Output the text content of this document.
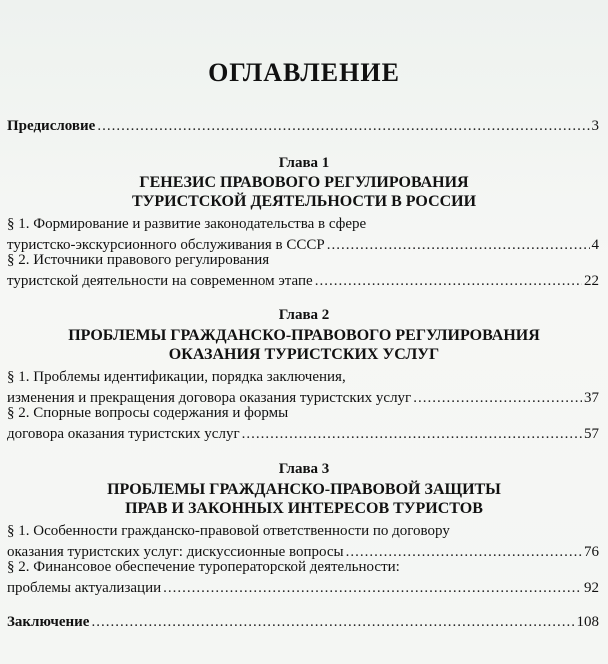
ОГЛАВЛЕНИЕ
Предисловие .....	3
Глава 1
ГЕНЕЗИС ПРАВОВОГО РЕГУЛИРОВАНИЯ
ТУРИСТСКОЙ ДЕЯТЕЛЬНОСТИ В РОССИИ
§ 1. Формирование и развитие законодательства в сфере
туристско-экскурсионного обслуживания в СССР .....	4
§ 2. Источники правового регулирования
туристской деятельности на современном этапе .....	22
Глава 2
ПРОБЛЕМЫ ГРАЖДАНСКО-ПРАВОВОГО РЕГУЛИРОВАНИЯ
ОКАЗАНИЯ ТУРИСТСКИХ УСЛУГ
§ 1. Проблемы идентификации, порядка заключения,
изменения и прекращения договора оказания туристских услуг .....	37
§ 2. Спорные вопросы содержания и формы
договора оказания туристских услуг .....	57
Глава 3
ПРОБЛЕМЫ ГРАЖДАНСКО-ПРАВОВОЙ ЗАЩИТЫ
ПРАВ И ЗАКОННЫХ ИНТЕРЕСОВ ТУРИСТОВ
§ 1. Особенности гражданско-правовой ответственности по договору
оказания туристских услуг: дискуссионные вопросы .....	76
§ 2. Финансовое обеспечение туроператорской деятельности:
проблемы актуализации .....	92
Заключение .....	108
